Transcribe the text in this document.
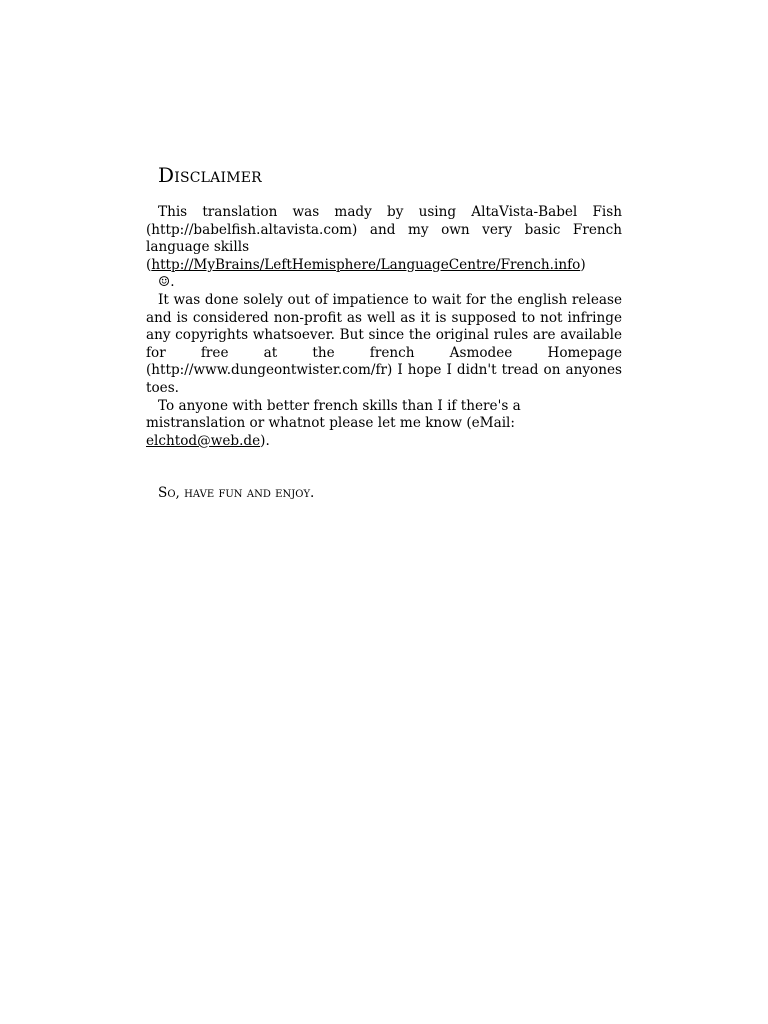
Disclaimer

This translation was mady by using AltaVista-Babel Fish (http://babelfish.altavista.com) and my own very basic French language skills
(http://MyBrains/LeftHemisphere/LanguageCentre/French.info)
☺.

It was done solely out of impatience to wait for the english release and is considered non-profit as well as it is supposed to not infringe any copyrights whatsoever. But since the original rules are available for free at the french Asmodee Homepage (http://www.dungeontwister.com/fr) I hope I didn't tread on anyones toes.

To anyone with better french skills than I if there's a mistranslation or whatnot please let me know (eMail: elchtod@web.de).

So, have fun and enjoy.
